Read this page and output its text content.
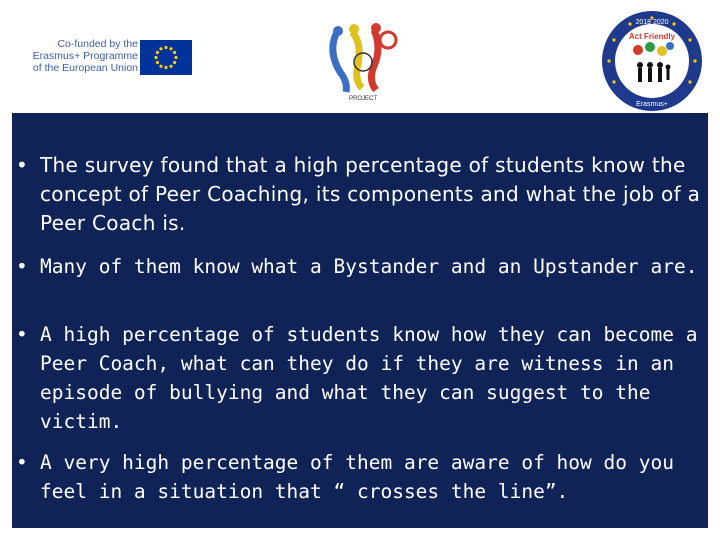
Co-funded by the
Erasmus+ Programme
of the European Union
PROJECT
2018 2020
Act Friendly
Erasmus+
• The survey found that a high percentage of students know the concept of Peer Coaching, its components and what the job of a Peer Coach is.
• Many of them know what a Bystander and an Upstander are.
• A high percentage of students know how they can become a Peer Coach, what can they do if they are witness in an episode of bullying and what they can suggest to the victim.
• A very high percentage of them are aware of how do you feel in a situation that “ crosses the line”.
